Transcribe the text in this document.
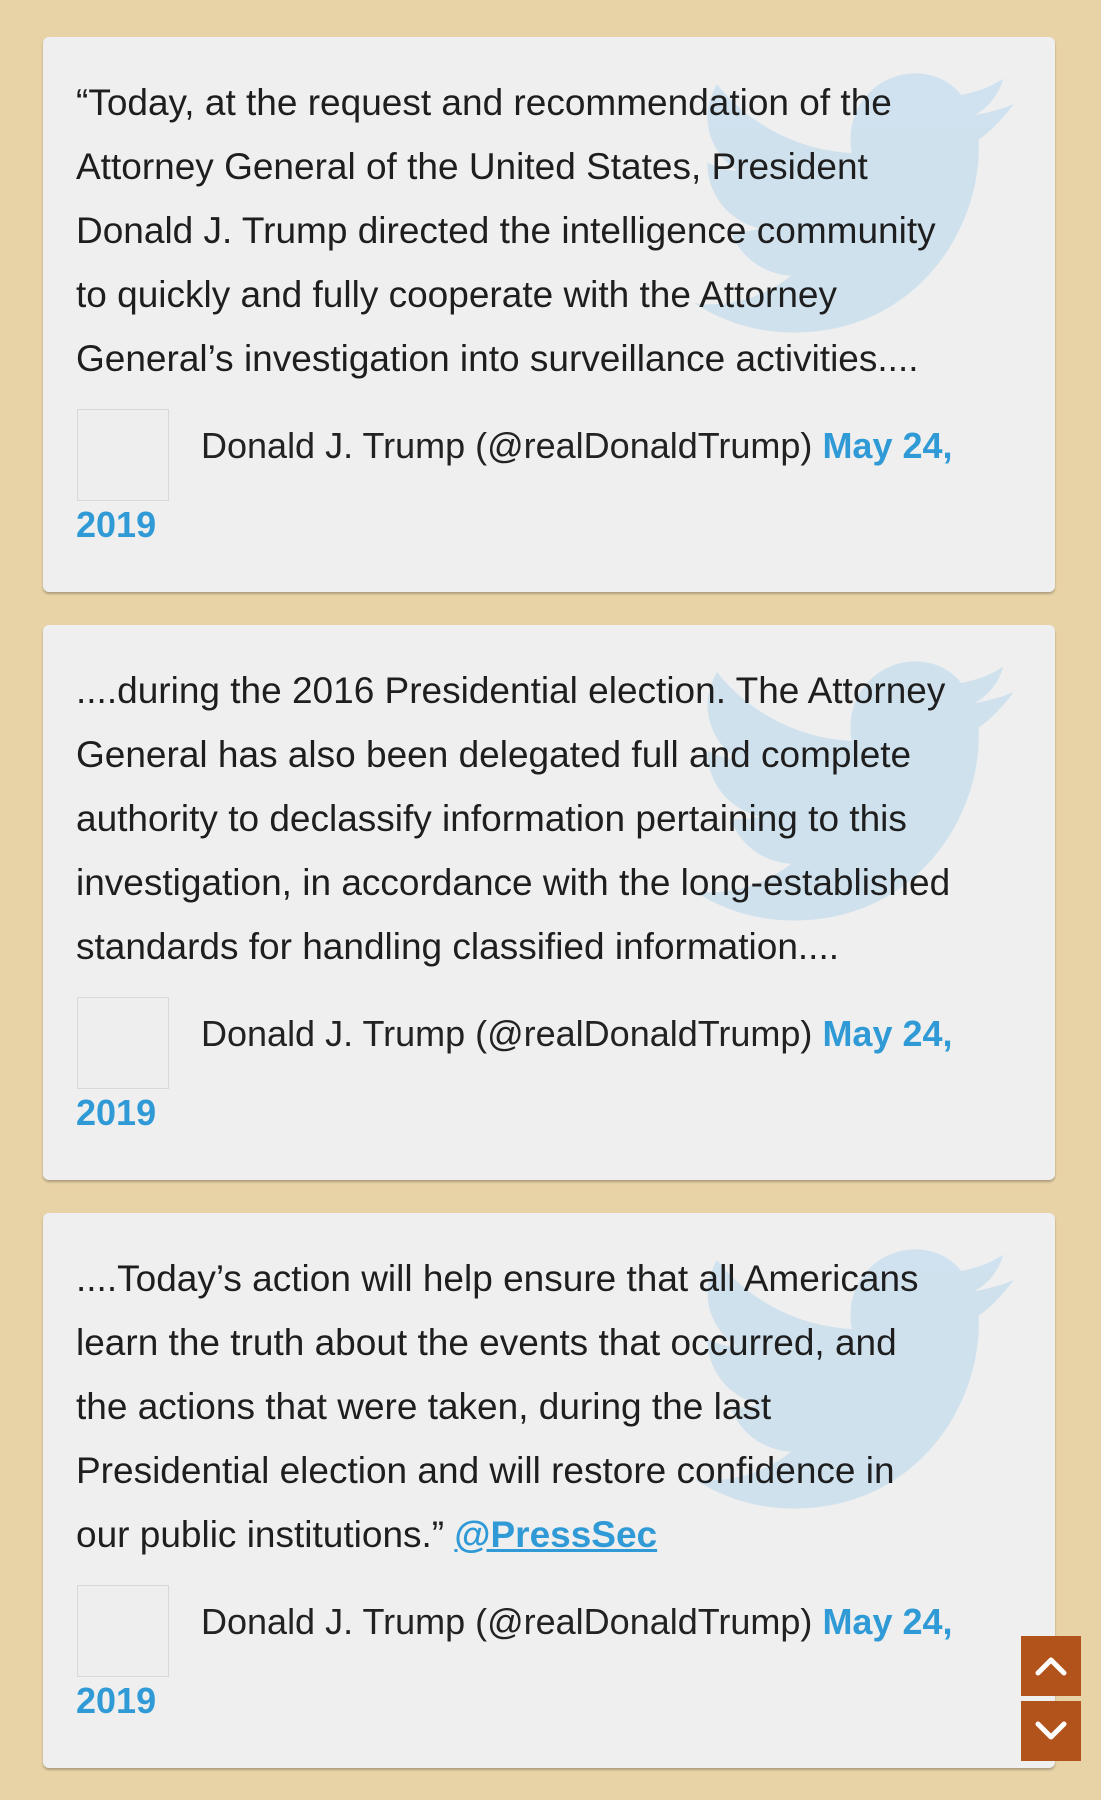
“Today, at the request and recommendation of the
Attorney General of the United States, President
Donald J. Trump directed the intelligence community
to quickly and fully cooperate with the Attorney
General’s investigation into surveillance activities....

Donald J. Trump (@realDonaldTrump) May 24,

2019

....during the 2016 Presidential election. The Attorney
General has also been delegated full and complete
authority to declassify information pertaining to this
investigation, in accordance with the long-established
standards for handling classified information....

Donald J. Trump (@realDonaldTrump) May 24,

2019

....Today’s action will help ensure that all Americans
learn the truth about the events that occurred, and
the actions that were taken, during the last
Presidential election and will restore confidence in
our public institutions.” @PressSec

Donald J. Trump (@realDonaldTrump) May 24,

2019
